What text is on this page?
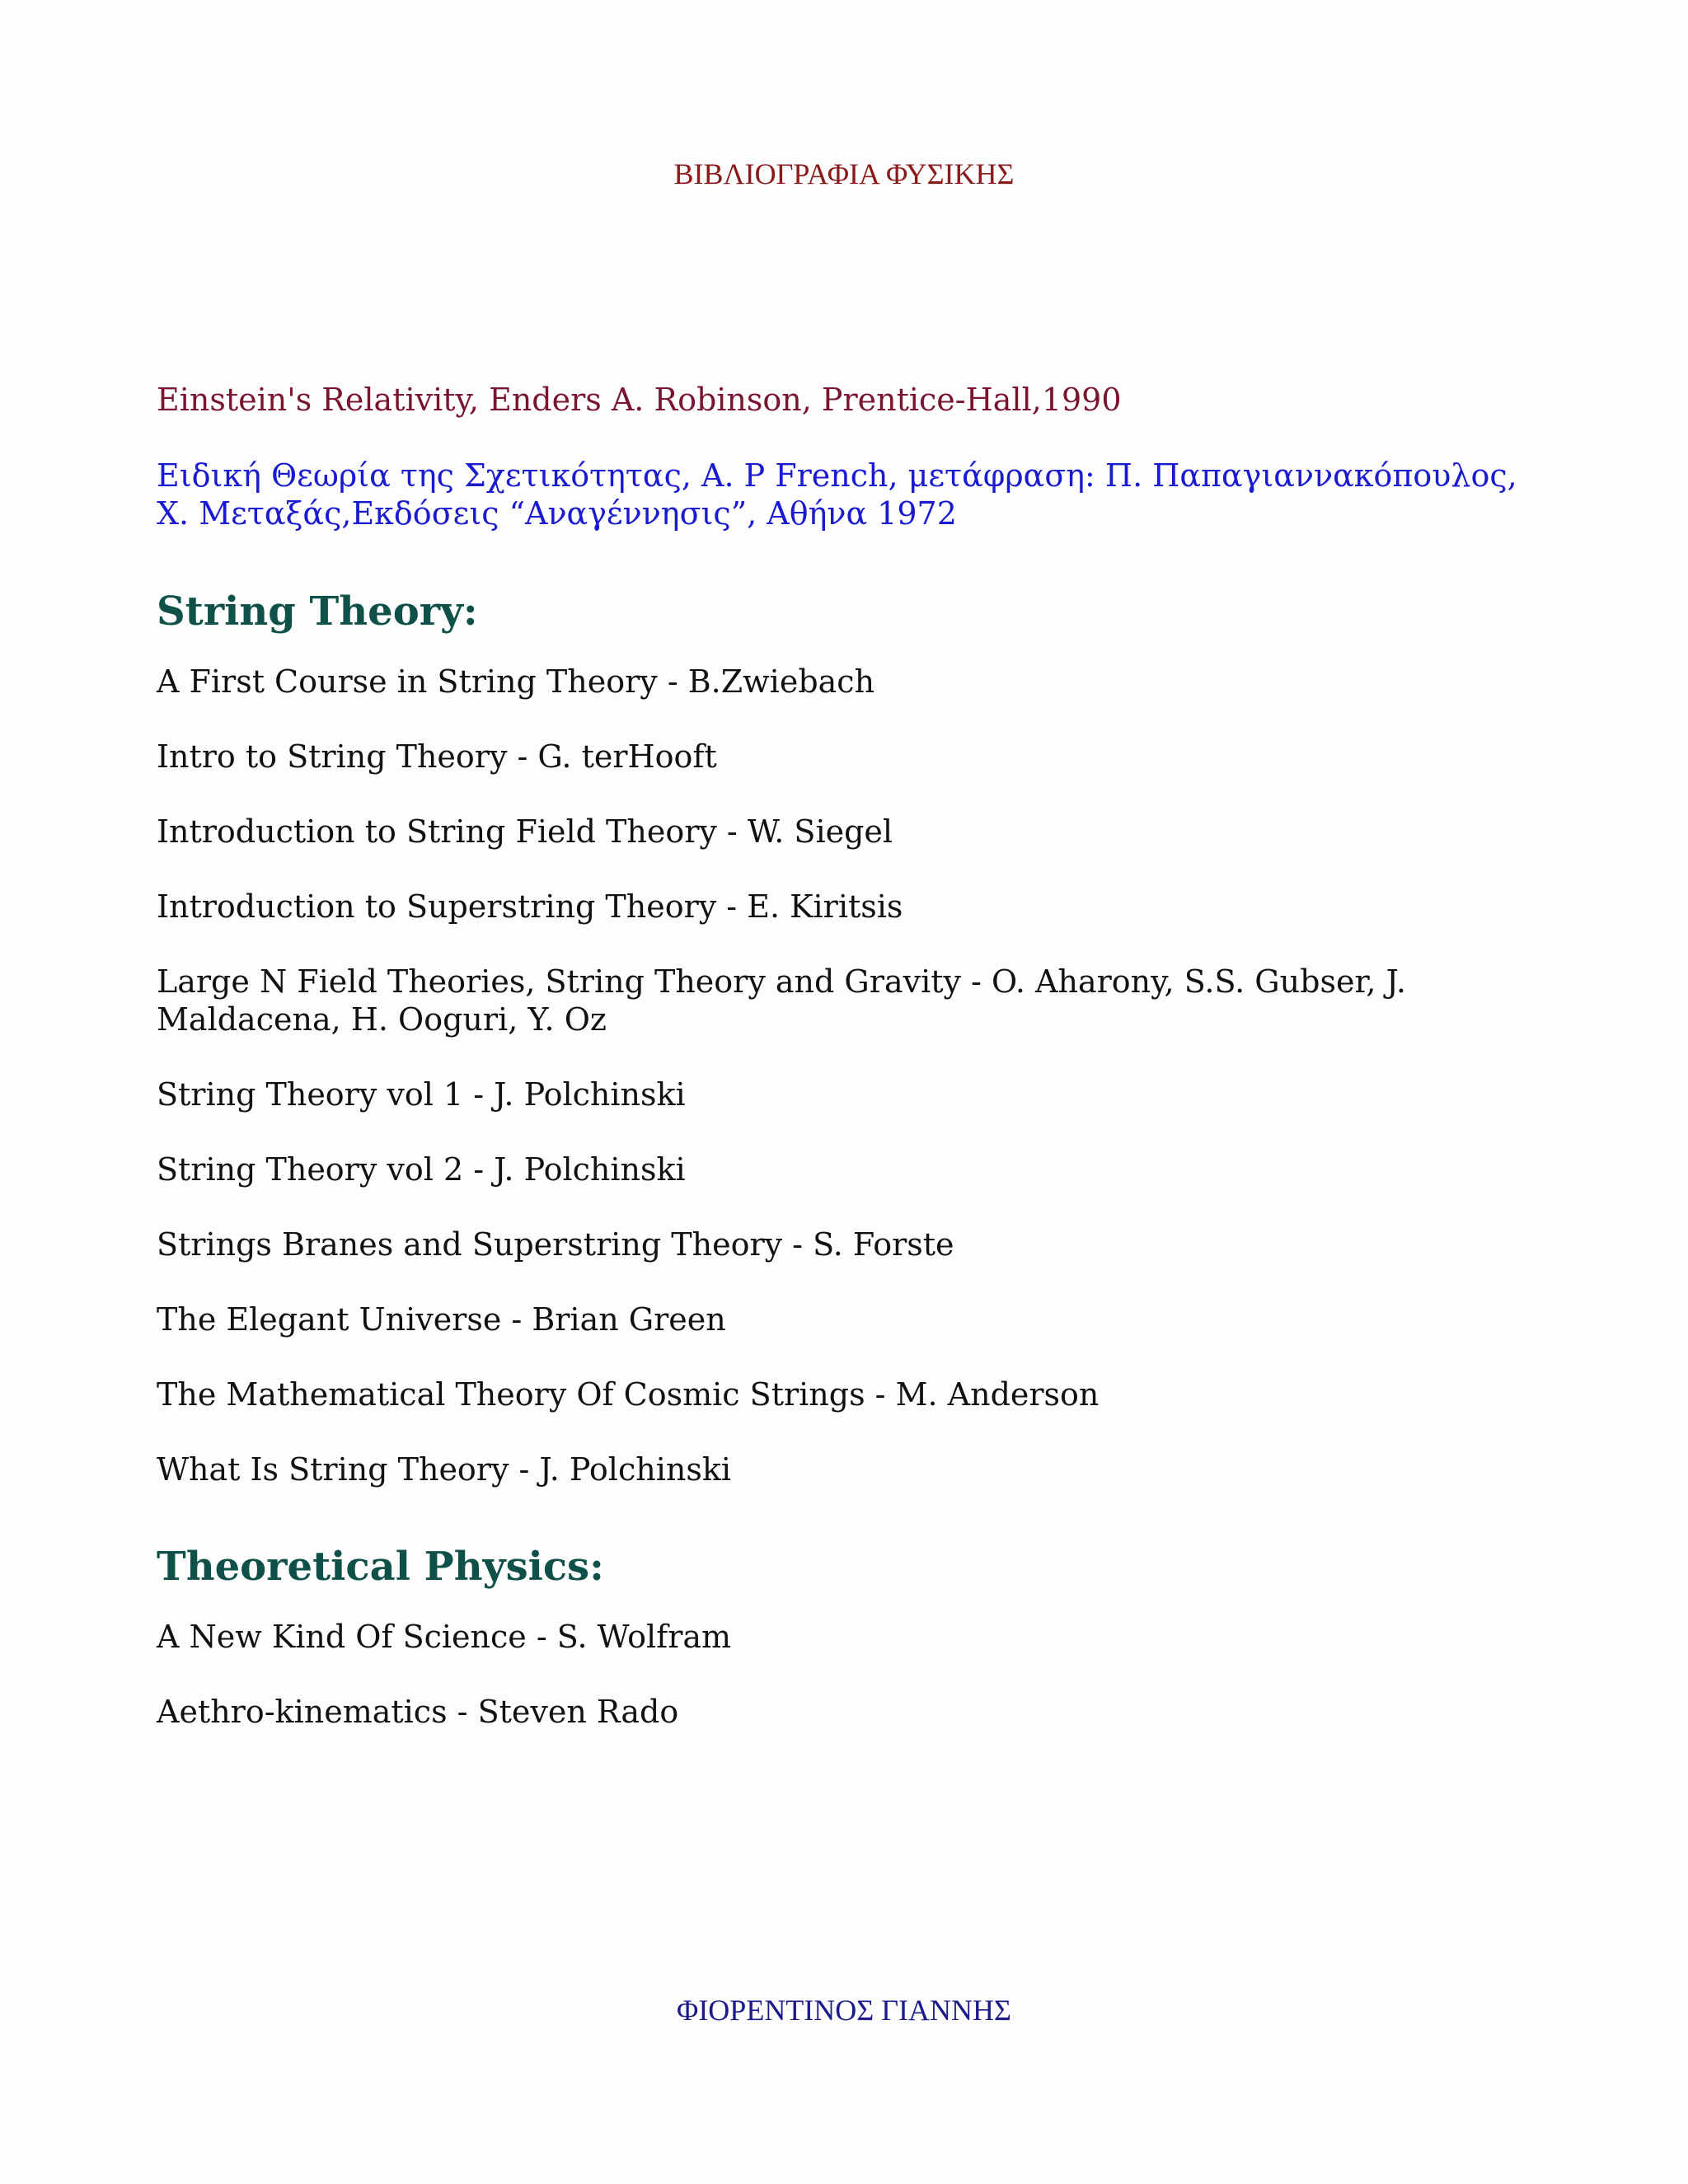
ΒΙΒΛΙΟΓΡΑΦΙΑ ΦΥΣΙΚΗΣ

Einstein's Relativity, Enders A. Robinson, Prentice-Hall,1990

Ειδική Θεωρία της Σχετικότητας, A. P French, μετάφραση: Π. Παπαγιαννακόπουλος, Χ. Μεταξάς,Εκδόσεις “Αναγέννησις”, Αθήνα 1972

String Theory:

A First Course in String Theory - B.Zwiebach

Intro to String Theory - G. terHooft

Introduction to String Field Theory - W. Siegel

Introduction to Superstring Theory - E. Kiritsis

Large N Field Theories, String Theory and Gravity - O. Aharony, S.S. Gubser, J. Maldacena, H. Ooguri, Y. Oz

String Theory vol 1 - J. Polchinski

String Theory vol 2 - J. Polchinski

Strings Branes and Superstring Theory - S. Forste

The Elegant Universe - Brian Green

The Mathematical Theory Of Cosmic Strings - M. Anderson

What Is String Theory - J. Polchinski

Theoretical Physics:

A New Kind Of Science - S. Wolfram

Aethro-kinematics - Steven Rado

ΦΙΟΡΕΝΤΙΝΟΣ ΓΙΑΝΝΗΣ
